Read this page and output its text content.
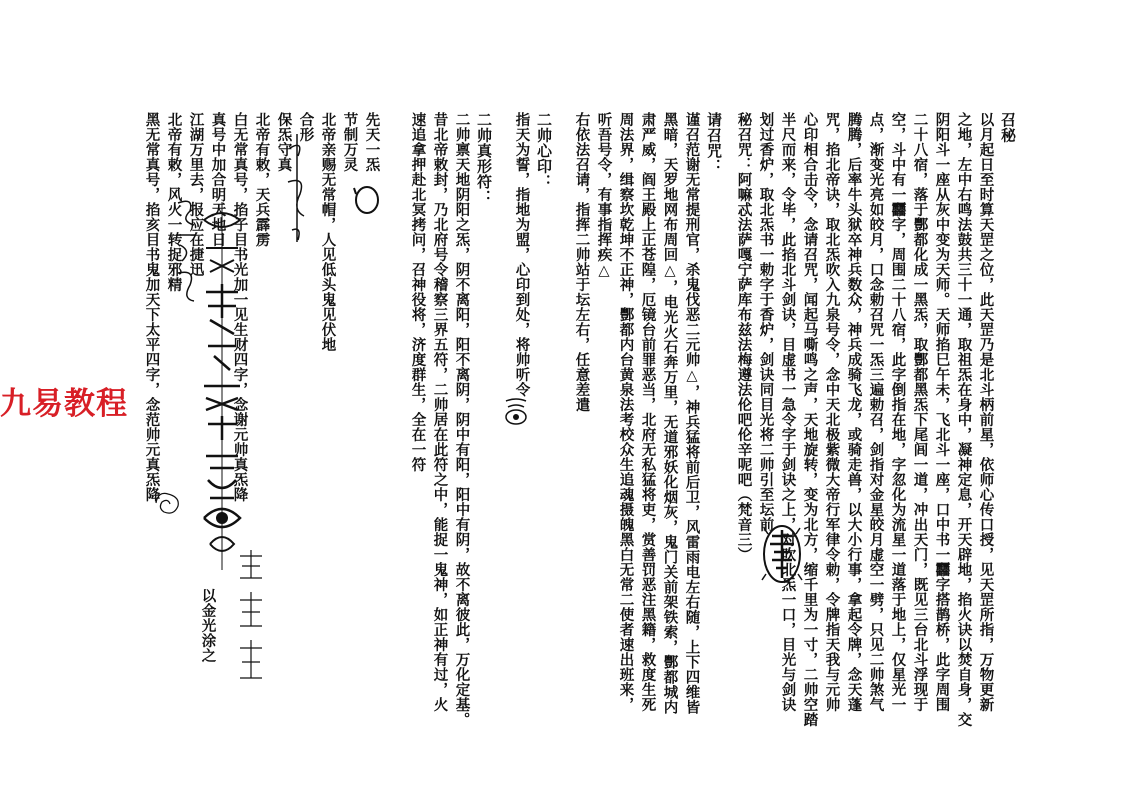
召秘
以月起日至时算天罡之位，此天罡乃是北斗柄前星，依师心传口授，见天罡所指，万物更新
之地，左中右鸣法鼓共三十一通，取祖炁在身中，凝神定息，开天辟地，掐火诀以焚自身，交
阴阳斗一座从灰中变为天师。天师掐巳午未，飞北斗一座，口中书一䨻字搭鹊桥，此字周围
二十八宿，落于酆都化成一黑炁，取酆都黑炁下尾闾一道，冲出天门，既见三台北斗浮现于
空，斗中有一䨻字，周围二十八宿，此字倒指在地，字忽化为流星一道落于地上，仅星光一
点，渐变光亮如皎月，口念勅召咒一炁三遍勅召，剑指对金星皎月虚空一劈，只见二帅煞气
腾腾，后率牛头狱卒神兵数众，神兵成骑飞龙，或骑走兽，以大小行事，拿起令牌，念天蓬
咒，掐北帝诀，取北炁吹入九泉号令，念中天北极紫微大帝行军律令勅，令牌指天我与元帅
心印相合击令，念请召咒，闻起马嘶鸣之声，天地旋转，变为北方，缩千里为一寸，二帅空踏
半尺而来，令毕，此掐北斗剑诀，目虚书一急令字于剑诀之上，对吹北炁一口，目光与剑诀
划过香炉，取北炁书一勅字于香炉，剑诀同目光将二帅引至坛前
秘召咒：阿嘛忒法萨嘎宁萨库布兹法梅遵法伦吧伦辛呢吧（梵音三）
请召咒：
谨召范谢无常提刑官，杀鬼伐恶二元帅△，神兵猛将前后卫，风雷雨电左右随，上下四维皆
黑暗，天罗地网布周回△，电光火石奔万里，无道邪妖化烟灰，鬼门关前架铁索，酆都城内
肃严威，阎王殿上正苍隍，厄镜台前罪恶当，北府无私猛将吏，赏善罚恶注黑籍，救度生死
周法界，缉察坎乾坤不正神，酆都内台黄泉法考校众生追魂摄魄黑白无常二使者速出班来，
听吾号令，有事指挥疾△
右依法召请，指挥二帅站于坛左右，任意差遣
二帅心印：
指天为誓，指地为盟，心印到处，将帅听令
二帅真形符：
二帅禀天地阴阳之炁，阴不离阳，阳不离阴，阴中有阳，阳中有阴，故不离彼此，万化定基。
昔北帝敕封，乃北府号令稽察三界五符，二帅居在此符之中，能捉一鬼神，如正神有过，火
速追拿押赴北冥拷问，召神役将，济度群生，全在一符
先天一炁
节制万灵
北帝亲赐无常帽，人见低头鬼见伏地
合形
保炁守真
北帝有敕，天兵霹雳
白无常真号，掐子目书光加一见生财四字，念谢元帅真炁降
真号中加合明天地日
江湖万里去，报应在捷迅
北帝有敕，风火一转捉邪精
黑无常真号，掐亥目书鬼加天下太平四字，念范帅元真炁降
以金光涂之
九易教程
